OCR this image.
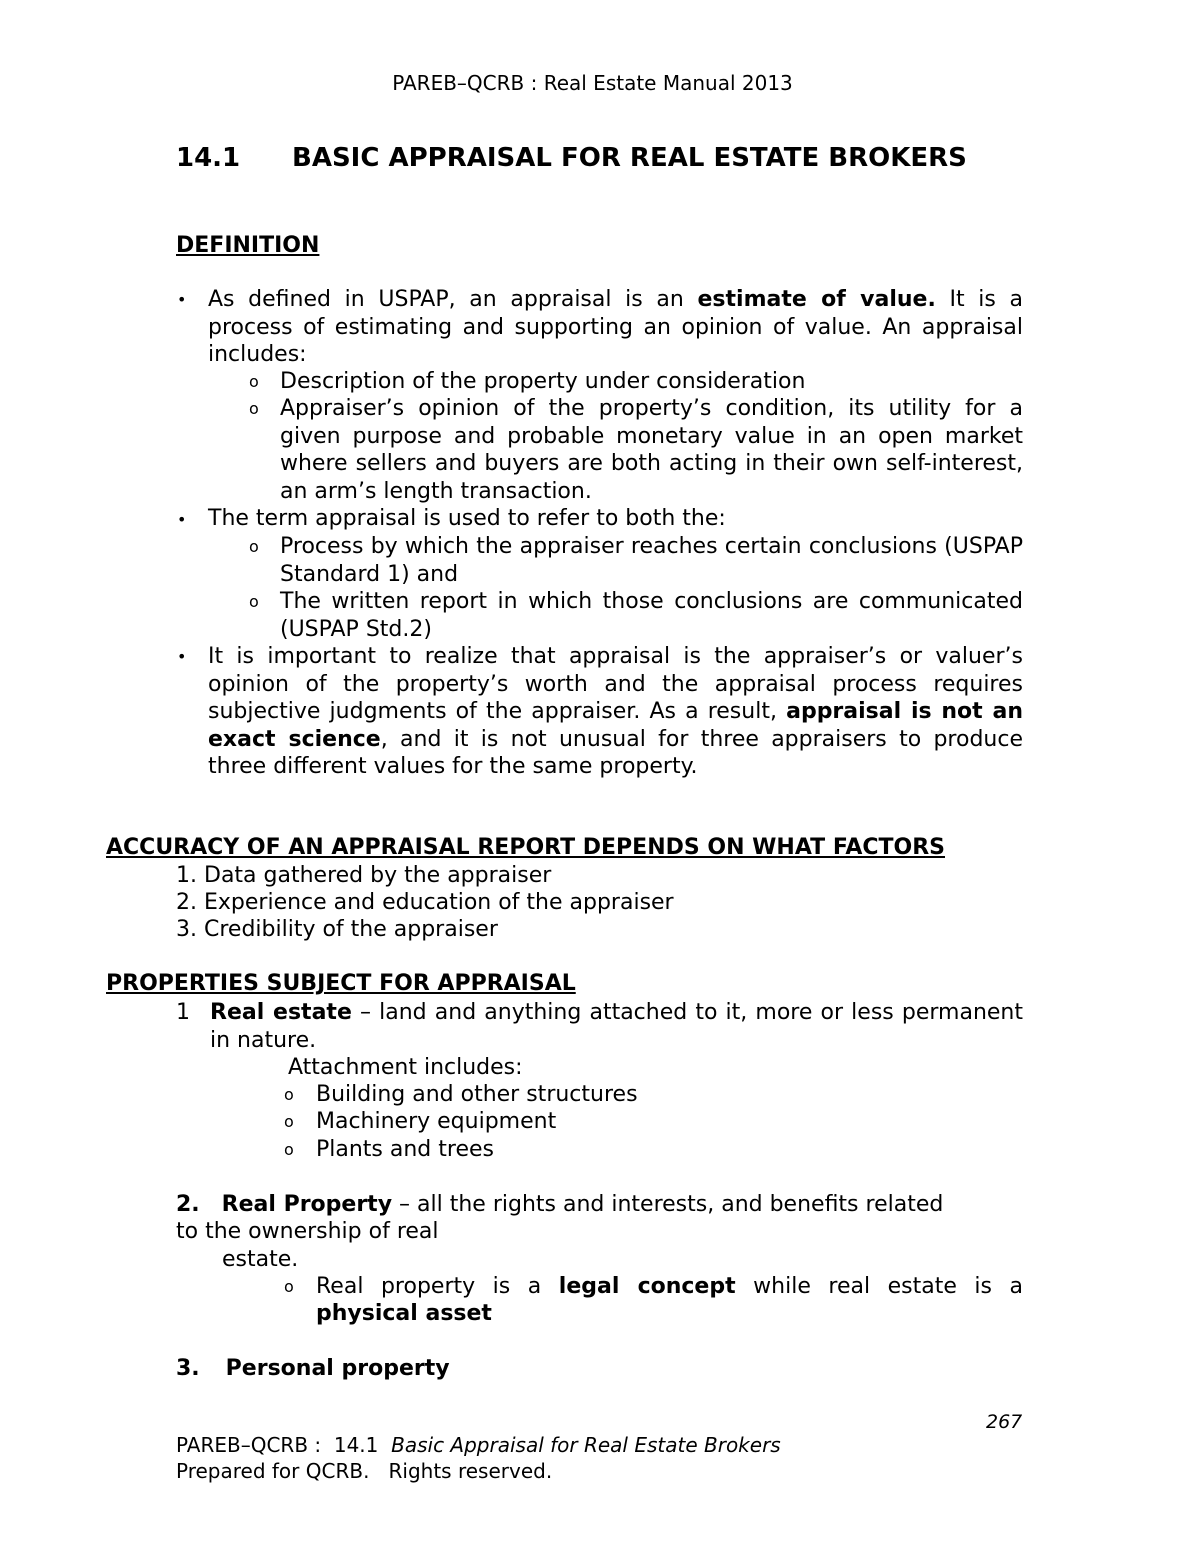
PAREB–QCRB : Real Estate Manual 2013
14.1 BASIC APPRAISAL FOR REAL ESTATE BROKERS
DEFINITION
• As defined in USPAP, an appraisal is an estimate of value. It is a process of estimating and supporting an opinion of value. An appraisal includes:
o Description of the property under consideration
o Appraiser’s opinion of the property’s condition, its utility for a given purpose and probable monetary value in an open market where sellers and buyers are both acting in their own self-interest, an arm’s length transaction.
• The term appraisal is used to refer to both the:
o Process by which the appraiser reaches certain conclusions (USPAP Standard 1) and
o The written report in which those conclusions are communicated (USPAP Std.2)
• It is important to realize that appraisal is the appraiser’s or valuer’s opinion of the property’s worth and the appraisal process requires subjective judgments of the appraiser. As a result, appraisal is not an exact science, and it is not unusual for three appraisers to produce three different values for the same property.
ACCURACY OF AN APPRAISAL REPORT DEPENDS ON WHAT FACTORS
1. Data gathered by the appraiser
2. Experience and education of the appraiser
3. Credibility of the appraiser
PROPERTIES SUBJECT FOR APPRAISAL
1 Real estate – land and anything attached to it, more or less permanent in nature.
Attachment includes:
o Building and other structures
o Machinery equipment
o Plants and trees
2. Real Property – all the rights and interests, and benefits related
to the ownership of real
estate.
o Real property is a legal concept while real estate is a
physical asset
3. Personal property
267
PAREB–QCRB :  14.1  Basic Appraisal for Real Estate Brokers
Prepared for QCRB.   Rights reserved.
